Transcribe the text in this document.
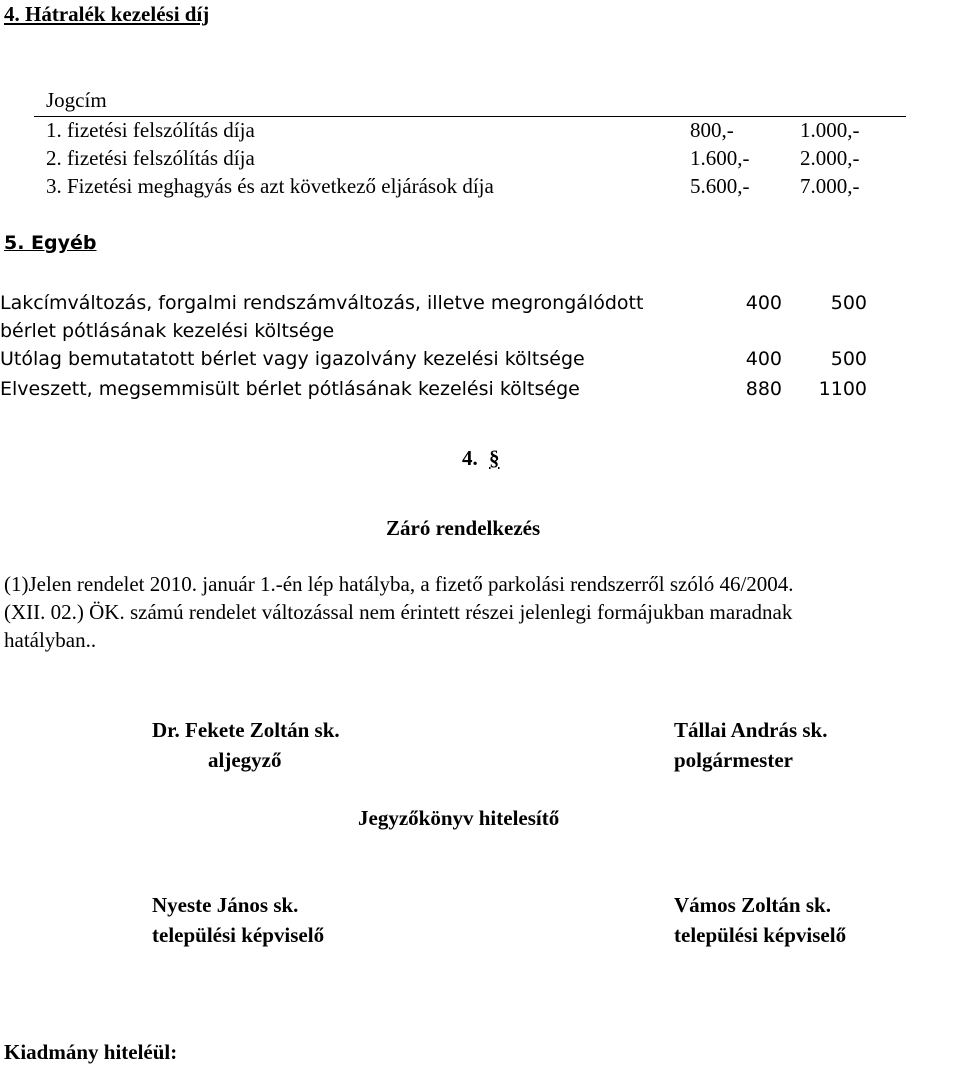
4. Hátralék kezelési díj
Jogcím
1. fizetési felszólítás díja	800,-	1.000,-
2. fizetési felszólítás díja	1.600,- 2.000,-
3. Fizetési meghagyás és azt következő eljárások díja	5.600,- 7.000,-
5. Egyéb
Lakcímváltozás, forgalmi rendszámváltozás, illetve megrongálódott
bérlet pótlásának kezelési költsége
400	500
Utólag bemutatatott bérlet vagy igazolvány kezelési költsége	400	500
Elveszett, megsemmisült bérlet pótlásának kezelési költsége	880	1100
4. §
Záró rendelkezés
(1)Jelen rendelet 2010. január 1.-én lép hatályba, a fizető parkolási rendszerről szóló 46/2004.
(XII. 02.) ÖK. számú rendelet változással nem érintett részei jelenlegi formájukban maradnak
hatályban..
Dr. Fekete Zoltán sk.
aljegyző
Tállai András sk.
polgármester
Jegyzőkönyv hitelesítő
Nyeste János sk.
települési képviselő
Vámos Zoltán sk.
települési képviselő
Kiadmány hiteléül:
